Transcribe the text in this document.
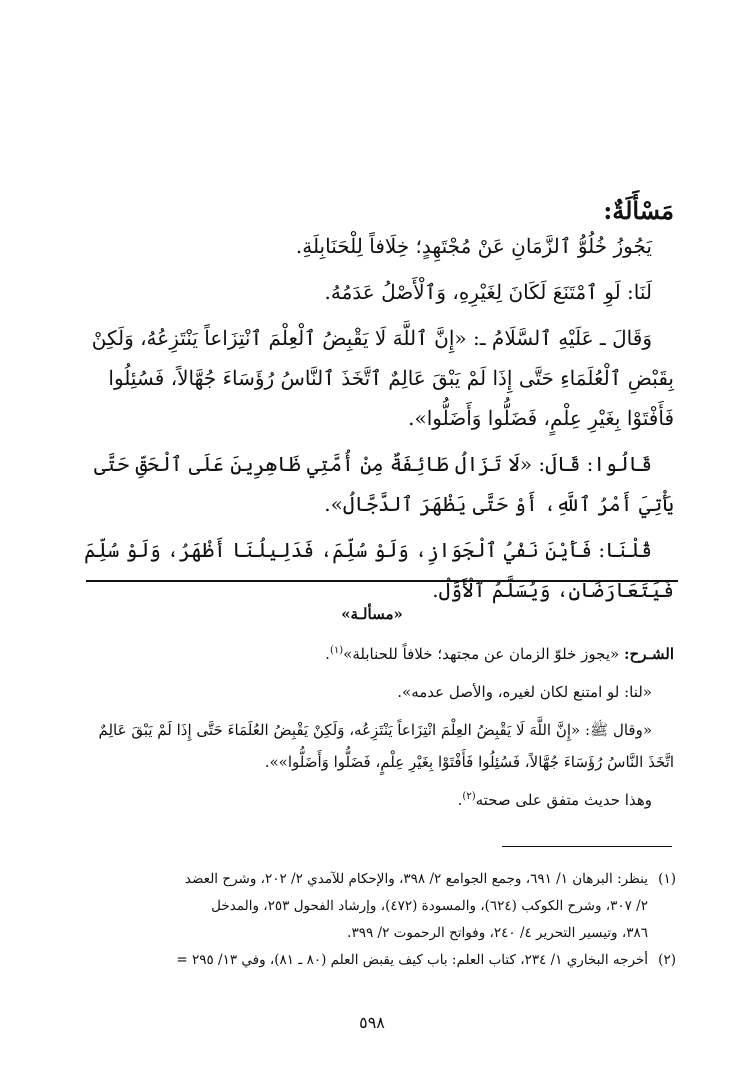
مَسْأَلَةٌ:

يَجُوزُ خُلُوُّ ٱلزَّمَانِ عَنْ مُجْتَهِدٍ؛ خِلَافاً لِلْحَنَابِلَةِ.

لَنَا: لَوِ ٱمْتَنَعَ لَكَانَ لِغَيْرِهِ، وَٱلْأَصْلُ عَدَمُهُ.

وَقَالَ ـ عَلَيْهِ ٱلسَّلَامُ ـ: «إِنَّ ٱللَّهَ لَا يَقْبِضُ ٱلْعِلْمَ ٱنْتِزَاعاً يَنْتَزِعُهُ، وَلَكِنْ بِقَبْضِ ٱلْعُلَمَاءِ حَتَّى إِذَا لَمْ يَبْقَ عَالِمٌ ٱتَّخَذَ ٱلنَّاسُ رُؤَسَاءَ جُهَّالاً، فَسُئِلُوا فَأَفْتَوْا بِغَيْرِ عِلْمٍ، فَضَلُّوا وَأَضَلُّوا».

قَالُوا: قَالَ: «لَا تَزَالُ طَائِفَةٌ مِنْ أُمَّتِي ظَاهِرِينَ عَلَى ٱلْحَقِّ حَتَّى يَأْتِيَ أَمْرُ ٱللَّهِ، أَوْ حَتَّى يَظْهَرَ ٱلدَّجَّالُ».

قُلْنَا: فَأَيْنَ نَفْيُ ٱلْجَوَازِ، وَلَوْ سُلِّمَ، فَدَلِيلُنَا أَظْهَرُ، وَلَوْ سُلِّمَ فَيَتَعَارَضَانِ، وَيُسَلَّمُ ٱلْأَوَّلُ.

«مسألـة»

الشـرح: «يجوز خلوّ الزمان عن مجتهد؛ خلافاً للحنابلة»$^{(١)}$.

«لنا: لو امتنع لكان لغيره، والأصل عدمه».

«وقال ﷺ: «إِنَّ اللَّهَ لَا يَقْبِضُ العِلْمَ انْتِزَاعاً يَنْتَزِعُه، وَلَكِنْ يَقْبِضُ العُلَمَاءَ حَتَّى إِذَا لَمْ يَبْقَ عَالِمٌ اتَّخَذَ النَّاسُ رُؤَسَاءَ جُهَّالاً، فَسُئِلُوا فَأَفْتَوْا بِغَيْرِ عِلْمٍ، فَضَلُّوا وَأَضَلُّوا»».

وهذا حديث متفق على صحته$^{(٢)}$.

(١)ينظر: البرهان ١/ ٦٩١، وجمع الجوامع ٢/ ٣٩٨، والإحكام للآمدي ٢/ ٢٠٢، وشرح العضد

٢/ ٣٠٧، وشرح الكوكب (٦٢٤)، والمسودة (٤٧٢)، وإرشاد الفحول ٢٥٣، والمدخل

٣٨٦، وتيسير التحرير ٤/ ٢٤٠، وفواتح الرحموت ٢/ ٣٩٩.

(٢)أخرجه البخاري ١/ ٢٣٤، كتاب العلم: باب كيف يقبض العلم (٨٠ ـ ٨١)، وفي ١٣/ ٢٩٥ =

٥٩٨
